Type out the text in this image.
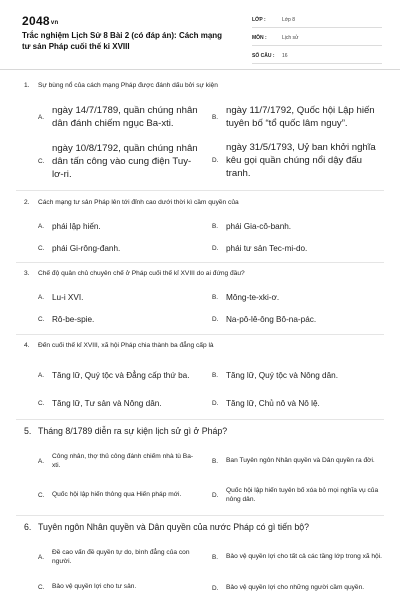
2048vn
Trắc nghiệm Lịch Sử 8 Bài 2 (có đáp án): Cách mạng tư sản Pháp cuối thế kỉ XVIII
LỚP :	Lớp 8
MÔN :	Lịch sử
SỐ CÂU :	16
1. Sự bùng nổ của cách mạng Pháp được đánh dấu bởi sự kiện
A.
ngày 14/7/1789, quần chúng nhân dân đánh chiếm ngục Ba-xti.
B.
ngày 11/7/1792, Quốc hội Lập hiến tuyên bố “tổ quốc lâm nguy”.
C.
ngày 10/8/1792, quần chúng nhân dân tấn công vào cung điện Tuy-lơ-ri.
D.
ngày 31/5/1793, Uỷ ban khởi nghĩa kêu gọi quần chúng nổi dậy đấu tranh.
2. Cách mạng tư sản Pháp lên tới đỉnh cao dưới thời kì cầm quyền của
A. phái lập hiến.	B. phái Gia-cô-banh.
C. phái Gi-rông-đanh.	D. phái tư sản Tec-mi-do.
3. Chế độ quân chủ chuyên chế ở Pháp cuối thế kỉ XVIII do ai đứng đầu?
A. Lu-i XVI.	B. Mông-te-xki-ơ.
C. Rô-be-spie.	D. Na-pô-lê-ông Bô-na-pác.
4. Đến cuối thế kỉ XVIII, xã hội Pháp chia thành ba đẳng cấp là
A. Tăng lữ, Quý tộc và Đẳng cấp thứ ba.	B. Tăng lữ, Quý tộc và Nông dân.
C. Tăng lữ, Tư sản và Nông dân.	D. Tăng lữ, Chủ nô và Nô lệ.
5. Tháng 8/1789 diễn ra sự kiện lịch sử gì ở Pháp?
A.
Công nhân, thợ thủ công đánh chiếm nhà tù Ba-xti.
B.	Ban Tuyên ngôn Nhân quyền và Dân quyền ra đời.
C.	Quốc hội lập hiến thông qua Hiến pháp mới.	D.
Quốc hội lập hiến tuyên bố xóa bỏ mọi nghĩa vụ của nông dân.
6. Tuyên ngôn Nhân quyền và Dân quyền của nước Pháp có gì tiến bộ?
A.
Đề cao vấn đề quyền tự do, bình đẳng của con người.
B.	Bảo vệ quyền lợi cho tất cả các tầng lớp trong xã hội.
C.	Bảo vệ quyền lợi cho tư sản.	D.	Bảo vệ quyền lợi cho những người cầm quyền.
